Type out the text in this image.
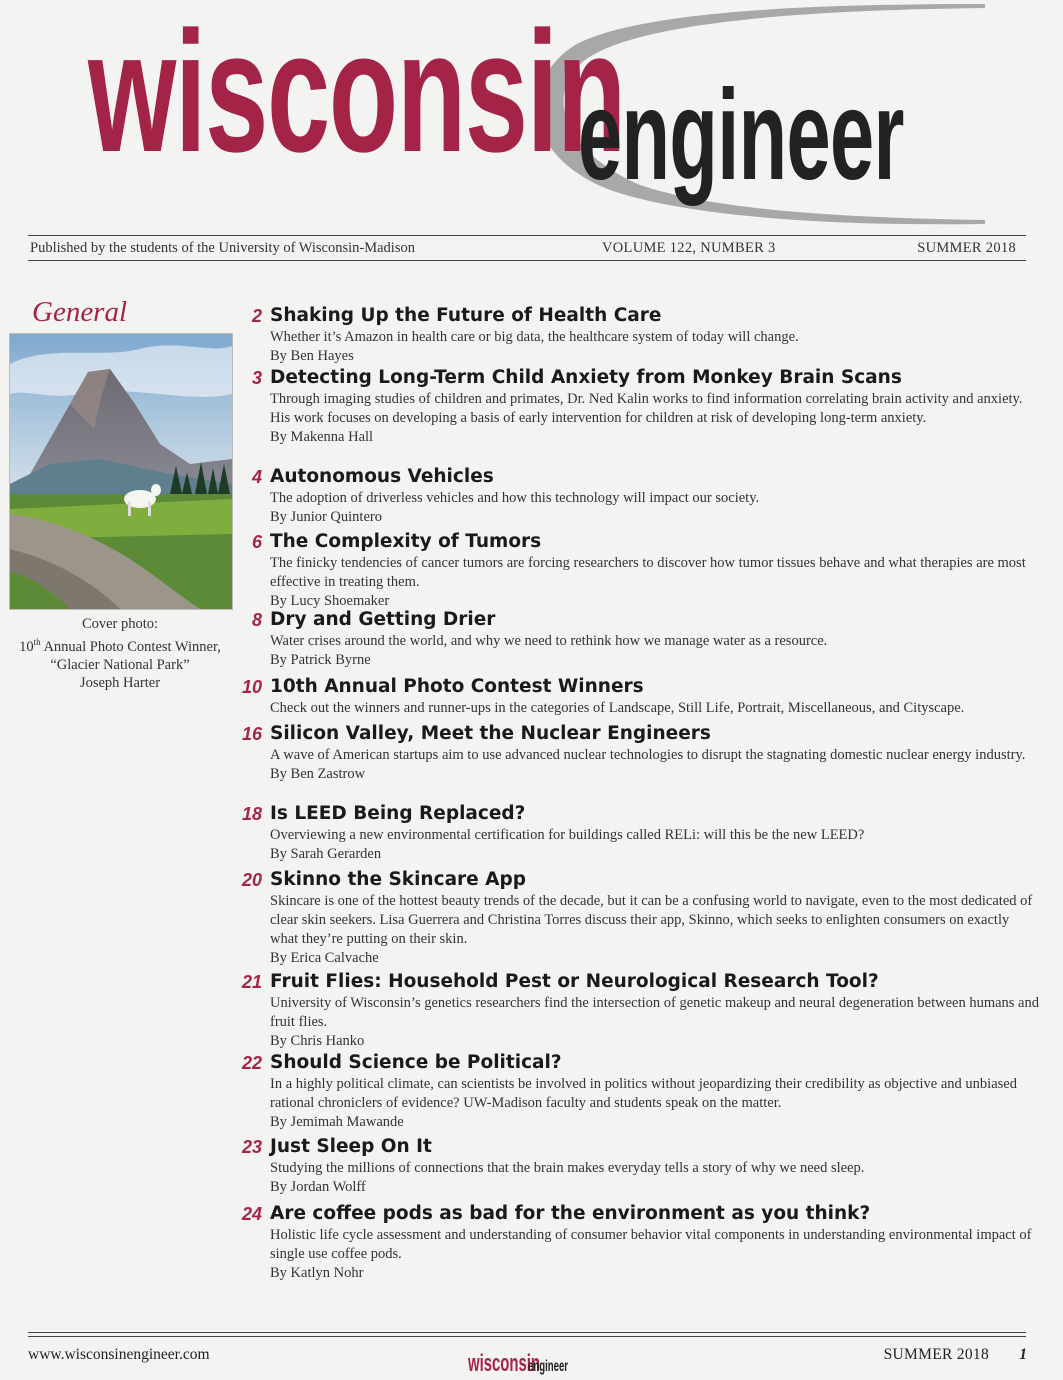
wisconsin
engineer
Published by the students of the University of Wisconsin-Madison	VOLUME 122, NUMBER 3	SUMMER 2018
General
Cover photo:
10th Annual Photo Contest Winner,
“Glacier National Park”
Joseph Harter
2 Shaking Up the Future of Health Care
Whether it’s Amazon in health care or big data, the healthcare system of today will change.
By Ben Hayes
3 Detecting Long-Term Child Anxiety from Monkey Brain Scans
Through imaging studies of children and primates, Dr. Ned Kalin works to find information correlating brain activity and anxiety. His work focuses on developing a basis of early intervention for children at risk of developing long-term anxiety.
By Makenna Hall
4 Autonomous Vehicles
The adoption of driverless vehicles and how this technology will impact our society.
By Junior Quintero
6 The Complexity of Tumors
The finicky tendencies of cancer tumors are forcing researchers to discover how tumor tissues behave and what therapies are most effective in treating them.
By Lucy Shoemaker
8 Dry and Getting Drier
Water crises around the world, and why we need to rethink how we manage water as a resource.
By Patrick Byrne
10 10th Annual Photo Contest Winners
Check out the winners and runner-ups in the categories of Landscape, Still Life, Portrait, Miscellaneous, and Cityscape.
16 Silicon Valley, Meet the Nuclear Engineers
A wave of American startups aim to use advanced nuclear technologies to disrupt the stagnating domestic nuclear energy industry.
By Ben Zastrow
18 Is LEED Being Replaced?
Overviewing a new environmental certification for buildings called RELi: will this be the new LEED?
By Sarah Gerarden
20 Skinno the Skincare App
Skincare is one of the hottest beauty trends of the decade, but it can be a confusing world to navigate, even to the most dedicated of clear skin seekers. Lisa Guerrera and Christina Torres discuss their app, Skinno, which seeks to enlighten consumers on exactly what they’re putting on their skin.
By Erica Calvache
21 Fruit Flies: Household Pest or Neurological Research Tool?
University of Wisconsin’s genetics researchers find the intersection of genetic makeup and neural degeneration between humans and fruit flies.
By Chris Hanko
22 Should Science be Political?
In a highly political climate, can scientists be involved in politics without jeopardizing their credibility as objective and unbiased rational chroniclers of evidence? UW-Madison faculty and students speak on the matter.
By Jemimah Mawande
23 Just Sleep On It
Studying the millions of connections that the brain makes everyday tells a story of why we need sleep.
By Jordan Wolff
24 Are coffee pods as bad for the environment as you think?
Holistic life cycle assessment and understanding of consumer behavior vital components in understanding environmental impact of single use coffee pods.
By Katlyn Nohr
www.wisconsinengineer.com	wisconsin
engineer
SUMMER 2018 1
